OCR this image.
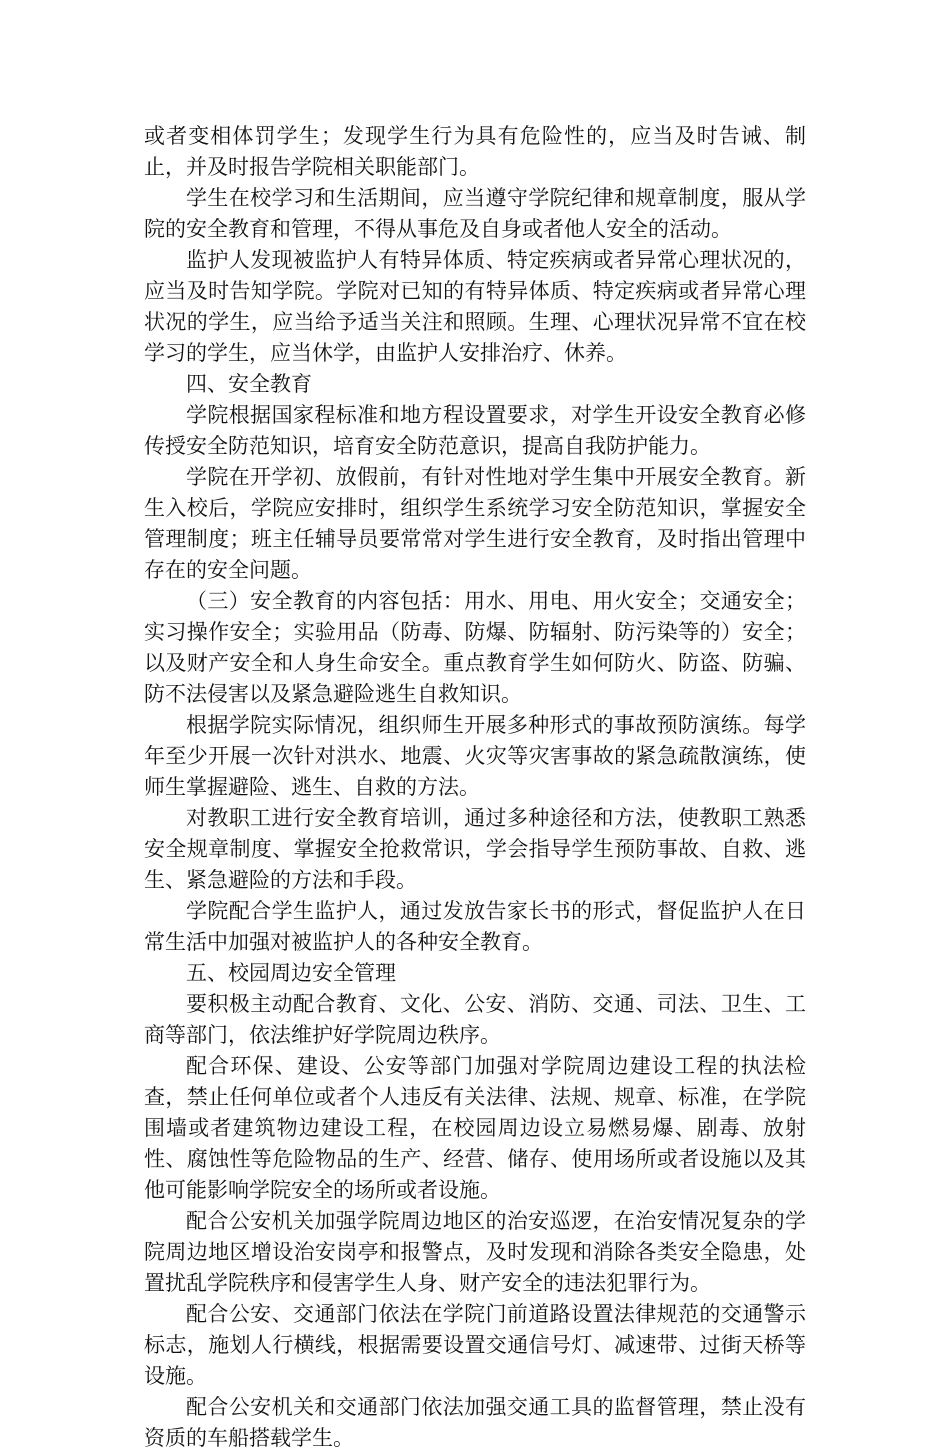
或者变相体罚学生；发现学生行为具有危险性的，应当及时告诫、制止，并及时报告学院相关职能部门。

学生在校学习和生活期间，应当遵守学院纪律和规章制度，服从学院的安全教育和管理，不得从事危及自身或者他人安全的活动。

监护人发现被监护人有特异体质、特定疾病或者异常心理状况的，应当及时告知学院。学院对已知的有特异体质、特定疾病或者异常心理状况的学生，应当给予适当关注和照顾。生理、心理状况异常不宜在校学习的学生，应当休学，由监护人安排治疗、休养。

四、安全教育

学院根据国家程标准和地方程设置要求，对学生开设安全教育必修传授安全防范知识，培育安全防范意识，提高自我防护能力。

学院在开学初、放假前，有针对性地对学生集中开展安全教育。新生入校后，学院应安排时，组织学生系统学习安全防范知识，掌握安全管理制度；班主任辅导员要常常对学生进行安全教育，及时指出管理中存在的安全问题。

（三）安全教育的内容包括：用水、用电、用火安全；交通安全；实习操作安全；实验用品（防毒、防爆、防辐射、防污染等的）安全；以及财产安全和人身生命安全。重点教育学生如何防火、防盗、防骗、防不法侵害以及紧急避险逃生自救知识。

根据学院实际情况，组织师生开展多种形式的事故预防演练。每学年至少开展一次针对洪水、地震、火灾等灾害事故的紧急疏散演练，使师生掌握避险、逃生、自救的方法。

对教职工进行安全教育培训，通过多种途径和方法，使教职工熟悉安全规章制度、掌握安全抢救常识，学会指导学生预防事故、自救、逃生、紧急避险的方法和手段。

学院配合学生监护人，通过发放告家长书的形式，督促监护人在日常生活中加强对被监护人的各种安全教育。

五、校园周边安全管理

要积极主动配合教育、文化、公安、消防、交通、司法、卫生、工商等部门，依法维护好学院周边秩序。

配合环保、建设、公安等部门加强对学院周边建设工程的执法检查，禁止任何单位或者个人违反有关法律、法规、规章、标准，在学院围墙或者建筑物边建设工程，在校园周边设立易燃易爆、剧毒、放射性、腐蚀性等危险物品的生产、经营、储存、使用场所或者设施以及其他可能影响学院安全的场所或者设施。

配合公安机关加强学院周边地区的治安巡逻，在治安情况复杂的学院周边地区增设治安岗亭和报警点，及时发现和消除各类安全隐患，处置扰乱学院秩序和侵害学生人身、财产安全的违法犯罪行为。

配合公安、交通部门依法在学院门前道路设置法律规范的交通警示标志，施划人行横线，根据需要设置交通信号灯、减速带、过街天桥等设施。

配合公安机关和交通部门依法加强交通工具的监督管理，禁止没有资质的车船搭载学生。
